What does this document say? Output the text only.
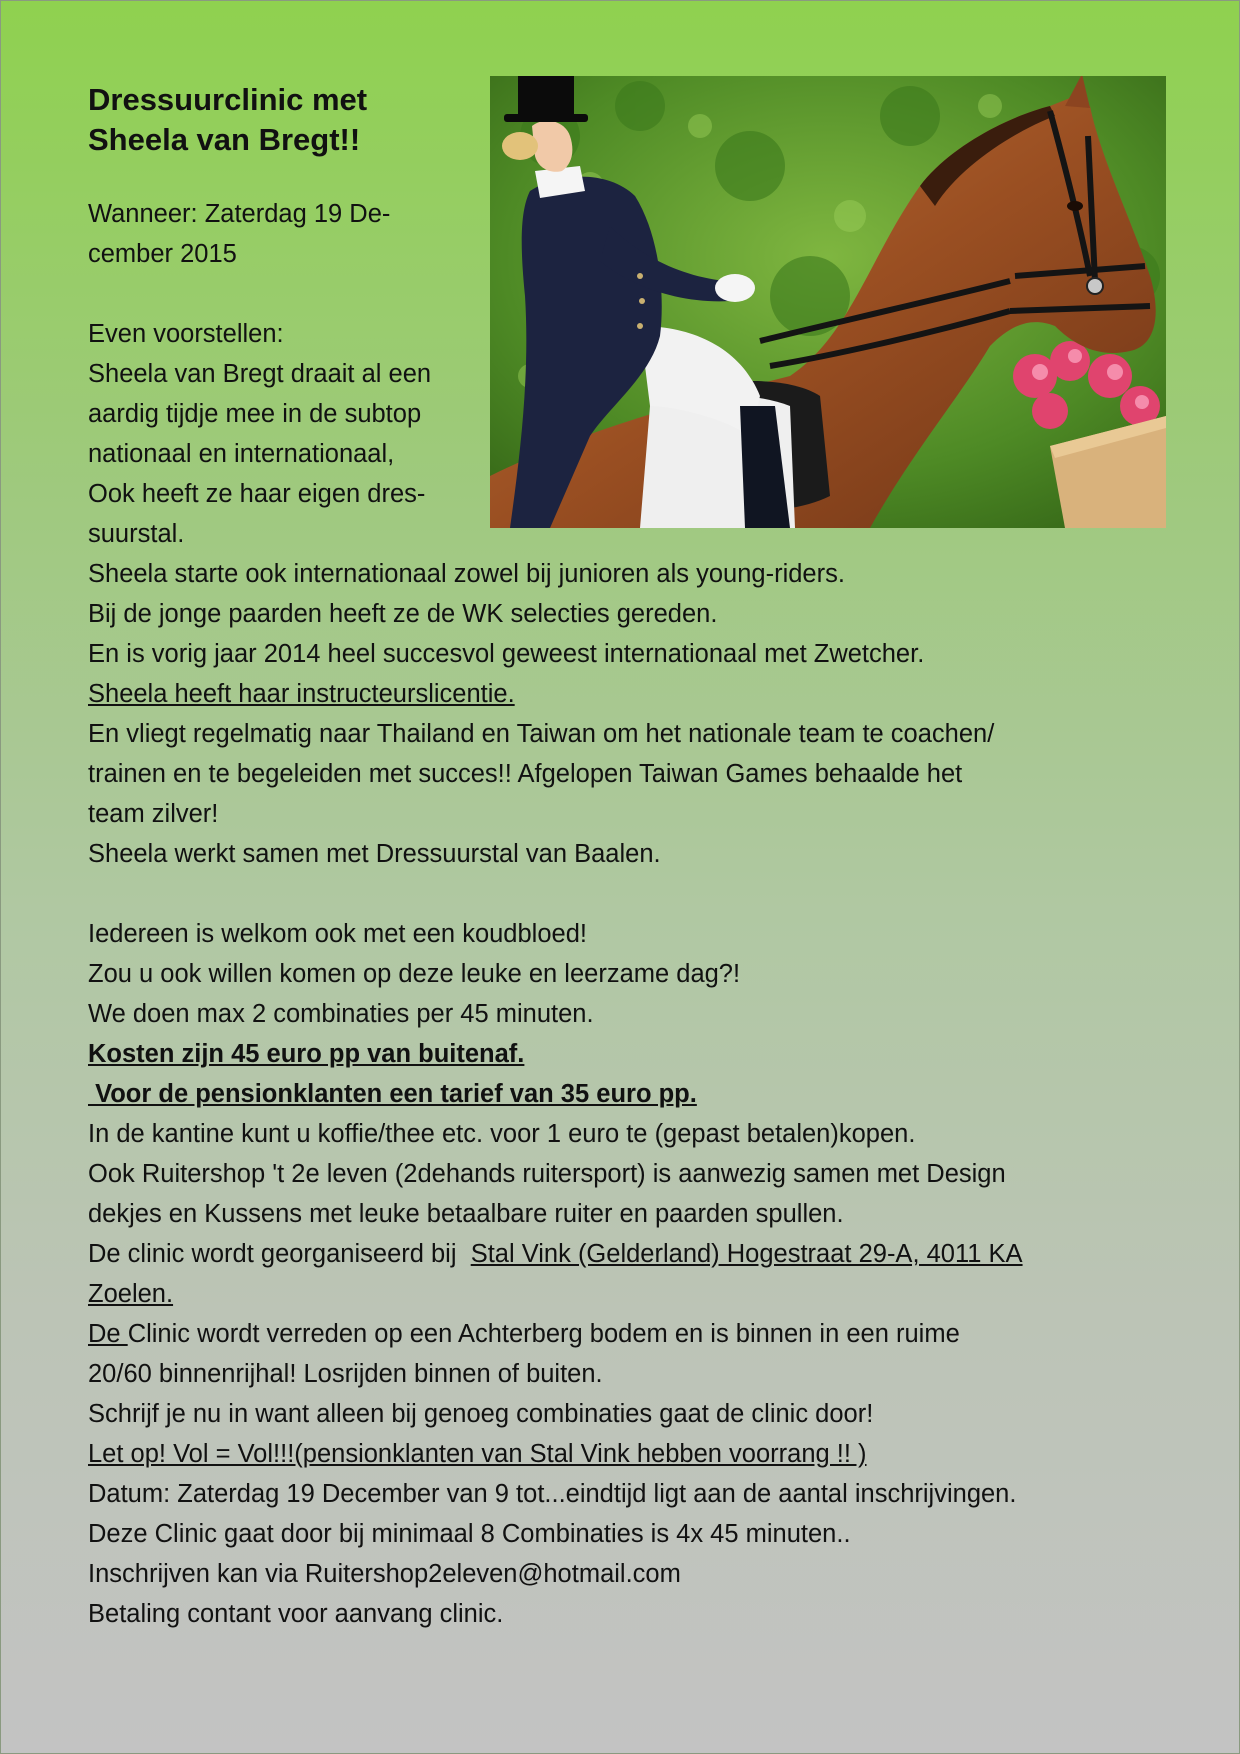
Dressuurclinic met
Sheela van Bregt!!
Wanneer: Zaterdag 19 De-
cember 2015
Even voorstellen:
Sheela van Bregt draait al een
aardig tijdje mee in de subtop
nationaal en internationaal,
Ook heeft ze haar eigen dres-
suurstal.
Sheela starte ook internationaal zowel bij junioren als young-riders.
Bij de jonge paarden heeft ze de WK selecties gereden.
En is vorig jaar 2014 heel succesvol geweest internationaal met Zwetcher.
Sheela heeft haar instructeurslicentie.
En vliegt regelmatig naar Thailand en Taiwan om het nationale team te coachen/
trainen en te begeleiden met succes!! Afgelopen Taiwan Games behaalde het
team zilver!
Sheela werkt samen met Dressuurstal van Baalen.
Iedereen is welkom ook met een koudbloed!
Zou u ook willen komen op deze leuke en leerzame dag?!
We doen max 2 combinaties per 45 minuten.
Kosten zijn 45 euro pp van buitenaf.
Voor de pensionklanten een tarief van 35 euro pp.
In de kantine kunt u koffie/thee etc. voor 1 euro te (gepast betalen)kopen.
Ook Ruitershop 't 2e leven (2dehands ruitersport) is aanwezig samen met Design
dekjes en Kussens met leuke betaalbare ruiter en paarden spullen.
De clinic wordt georganiseerd bij  Stal Vink (Gelderland) Hogestraat 29-A, 4011 KA
Zoelen.
De Clinic wordt verreden op een Achterberg bodem en is binnen in een ruime
20/60 binnenrijhal! Losrijden binnen of buiten.
Schrijf je nu in want alleen bij genoeg combinaties gaat de clinic door!
Let op! Vol = Vol!!!(pensionklanten van Stal Vink hebben voorrang !! )
Datum: Zaterdag 19 December van 9 tot...eindtijd ligt aan de aantal inschrijvingen.
Deze Clinic gaat door bij minimaal 8 Combinaties is 4x 45 minuten..
Inschrijven kan via Ruitershop2eleven@hotmail.com
Betaling contant voor aanvang clinic.
